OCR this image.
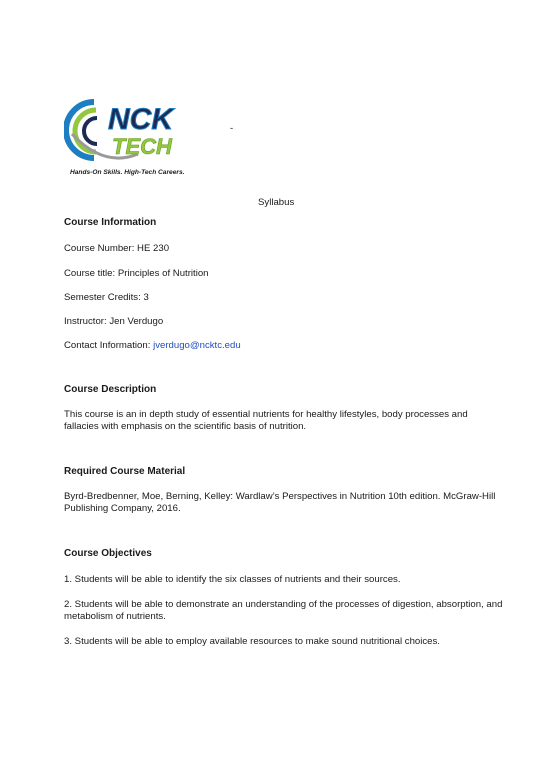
NCK
TECH
Hands-On Skills. High-Tech Careers.
-
Syllabus
Course Information
Course Number: HE 230
Course title: Principles of Nutrition
Semester Credits: 3
Instructor: Jen Verdugo
Contact Information: jverdugo@ncktc.edu
Course Description
This course is an in depth study of essential nutrients for healthy lifestyles, body processes and fallacies with emphasis on the scientific basis of nutrition.
Required Course Material
Byrd-Bredbenner, Moe, Berning, Kelley: Wardlaw’s Perspectives in Nutrition 10th edition. McGraw-Hill Publishing Company, 2016.
Course Objectives
1. Students will be able to identify the six classes of nutrients and their sources.
2. Students will be able to demonstrate an understanding of the processes of digestion, absorption, and metabolism of nutrients.
3. Students will be able to employ available resources to make sound nutritional choices.
